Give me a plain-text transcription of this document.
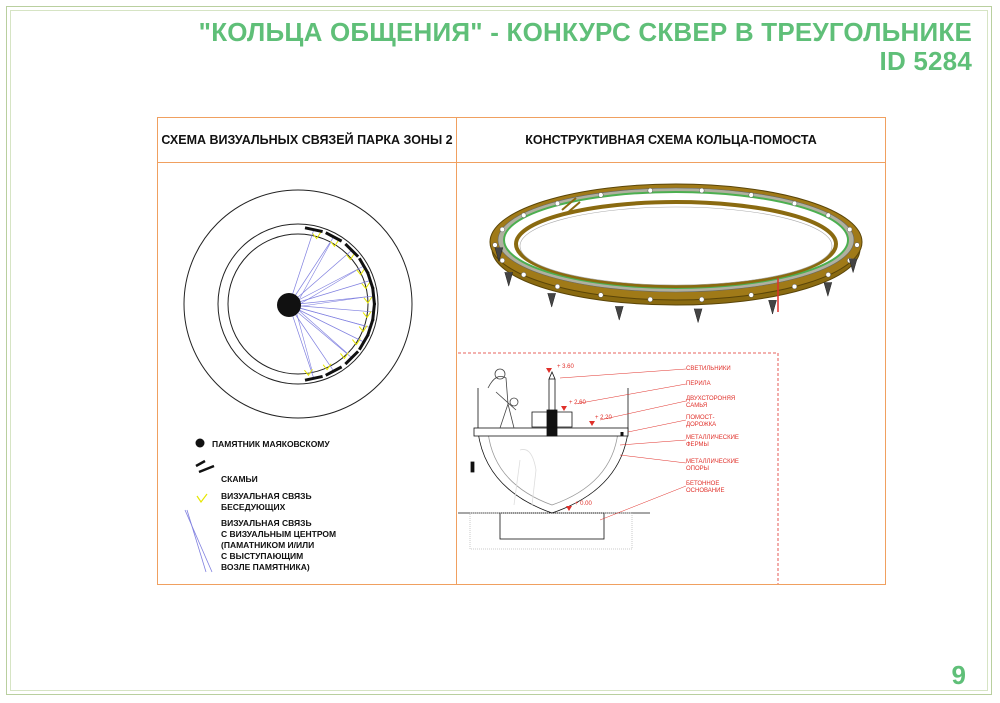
"КОЛЬЦА ОБЩЕНИЯ" - КОНКУРС СКВЕР В ТРЕУГОЛЬНИКЕ
ID 5284
СХЕМА ВИЗУАЛЬНЫХ СВЯЗЕЙ ПАРКА ЗОНЫ 2	КОНСТРУКТИВНАЯ СХЕМА КОЛЬЦА-ПОМОСТА
ПАМЯТНИК МАЯКОВСКОМУ
СКАМЬИ
ВИЗУАЛЬНАЯ СВЯЗЬ
БЕСЕДУЮЩИХ
ВИЗУАЛЬНАЯ СВЯЗЬ
С ВИЗУАЛЬНЫМ ЦЕНТРОМ
(ПАМАТНИКОМ И/ИЛИ
С ВЫСТУПАЮЩИМ
ВОЗЛЕ ПАМЯТНИКА)
+ 3.60
+ 2.60
+ 2.20
+ 0.00
СВЕТИЛЬНИКИ
ПЕРИЛА
ДВУХСТОРОНЯЯ
САМЬЯ
ПОМОСТ-
ДОРОЖКА
МЕТАЛЛИЧЕСКИЕ
ФЕРМЫ
МЕТАЛЛИЧЕСКИЕ
ОПОРЫ
БЕТОННОЕ
ОСНОВАНИЕ
9
